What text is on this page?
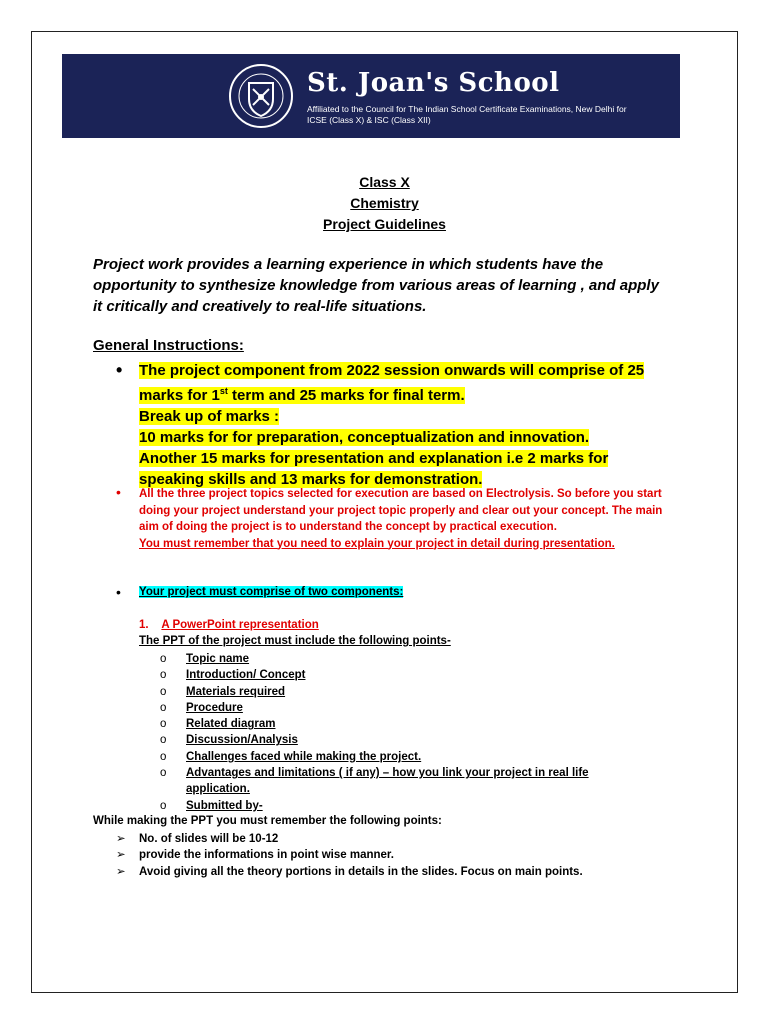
St. Joan's School
Affiliated to the Council for The Indian School Certificate Examinations, New Delhi for ICSE (Class X) & ISC (Class XII)
Class X
Chemistry
Project Guidelines
Project work provides a learning experience in which students have the opportunity to synthesize knowledge from various areas of learning , and apply it critically and creatively to real-life situations.
General Instructions:
• The project component from 2022 session onwards will comprise of 25
marks for 1st term and 25 marks for final term.
Break up of marks :
10 marks for for preparation, conceptualization and innovation.
Another 15 marks for presentation and explanation i.e 2 marks for
speaking skills and 13 marks for demonstration.
• All the three project topics selected for execution are based on Electrolysis. So before you start doing your project understand your project topic properly and clear out your concept. The main aim of doing the project is to understand the concept by practical execution.
You must remember that you need to explain your project in detail during presentation.
• Your project must comprise of two components:
1. A PowerPoint representation
The PPT of the project must include the following points-
o Topic name
o Introduction/ Concept
o Materials required
o Procedure
o Related diagram
o Discussion/Analysis
o Challenges faced while making the project.
o Advantages and limitations ( if any) – how you link your project in real life application.
o Submitted by-
While making the PPT you must remember the following points:
➢ No. of slides will be 10-12
➢ provide the informations in point wise manner.
➢ Avoid giving all the theory portions in details in the slides. Focus on main points.
